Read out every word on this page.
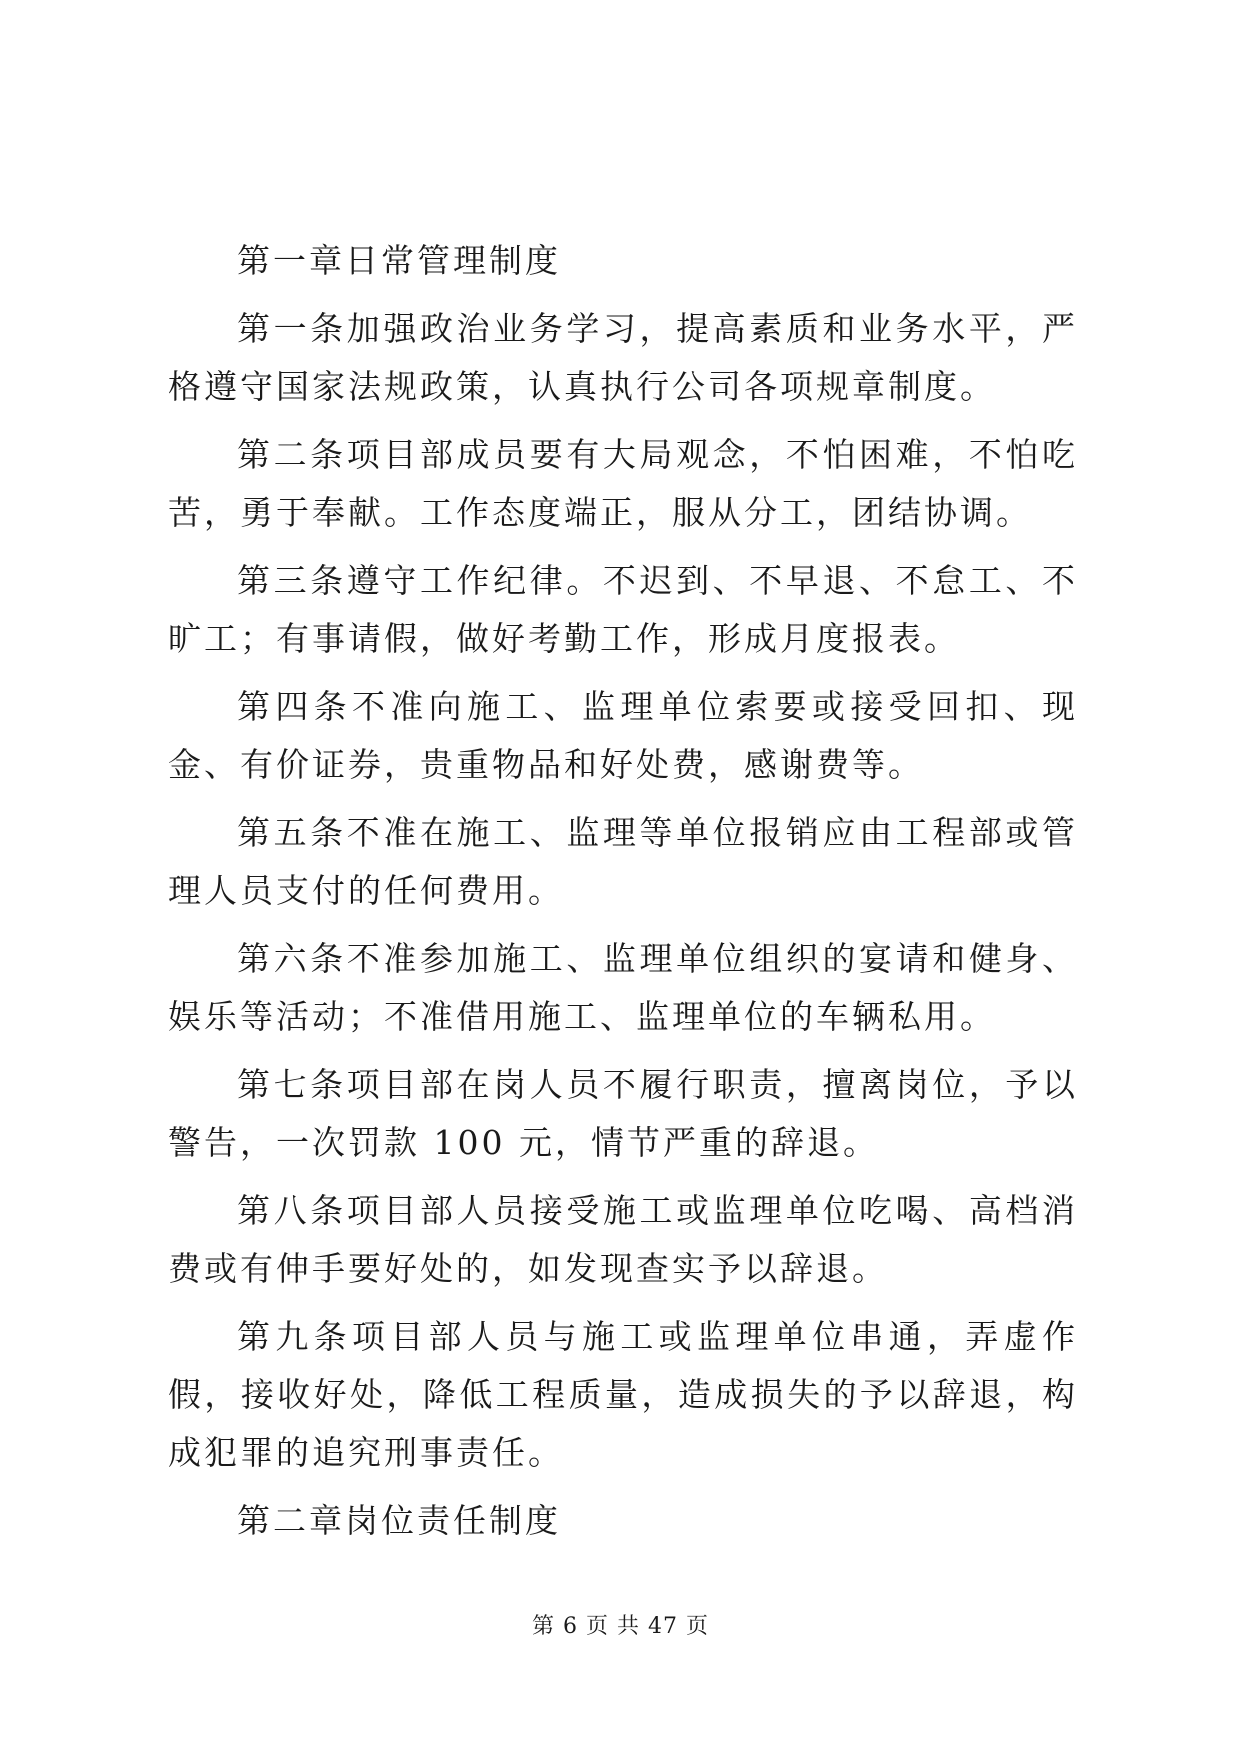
第一章日常管理制度

第一条加强政治业务学习，提高素质和业务水平，严格遵守国家法规政策，认真执行公司各项规章制度。

第二条项目部成员要有大局观念，不怕困难，不怕吃苦，勇于奉献。工作态度端正，服从分工，团结协调。

第三条遵守工作纪律。不迟到、不早退、不怠工、不旷工；有事请假，做好考勤工作，形成月度报表。

第四条不准向施工、监理单位索要或接受回扣、现金、有价证券，贵重物品和好处费，感谢费等。

第五条不准在施工、监理等单位报销应由工程部或管理人员支付的任何费用。

第六条不准参加施工、监理单位组织的宴请和健身、娱乐等活动；不准借用施工、监理单位的车辆私用。

第七条项目部在岗人员不履行职责，擅离岗位，予以警告，一次罚款 100 元，情节严重的辞退。

第八条项目部人员接受施工或监理单位吃喝、高档消费或有伸手要好处的，如发现查实予以辞退。

第九条项目部人员与施工或监理单位串通，弄虚作假，接收好处，降低工程质量，造成损失的予以辞退，构成犯罪的追究刑事责任。

第二章岗位责任制度

第 6 页 共 47 页
